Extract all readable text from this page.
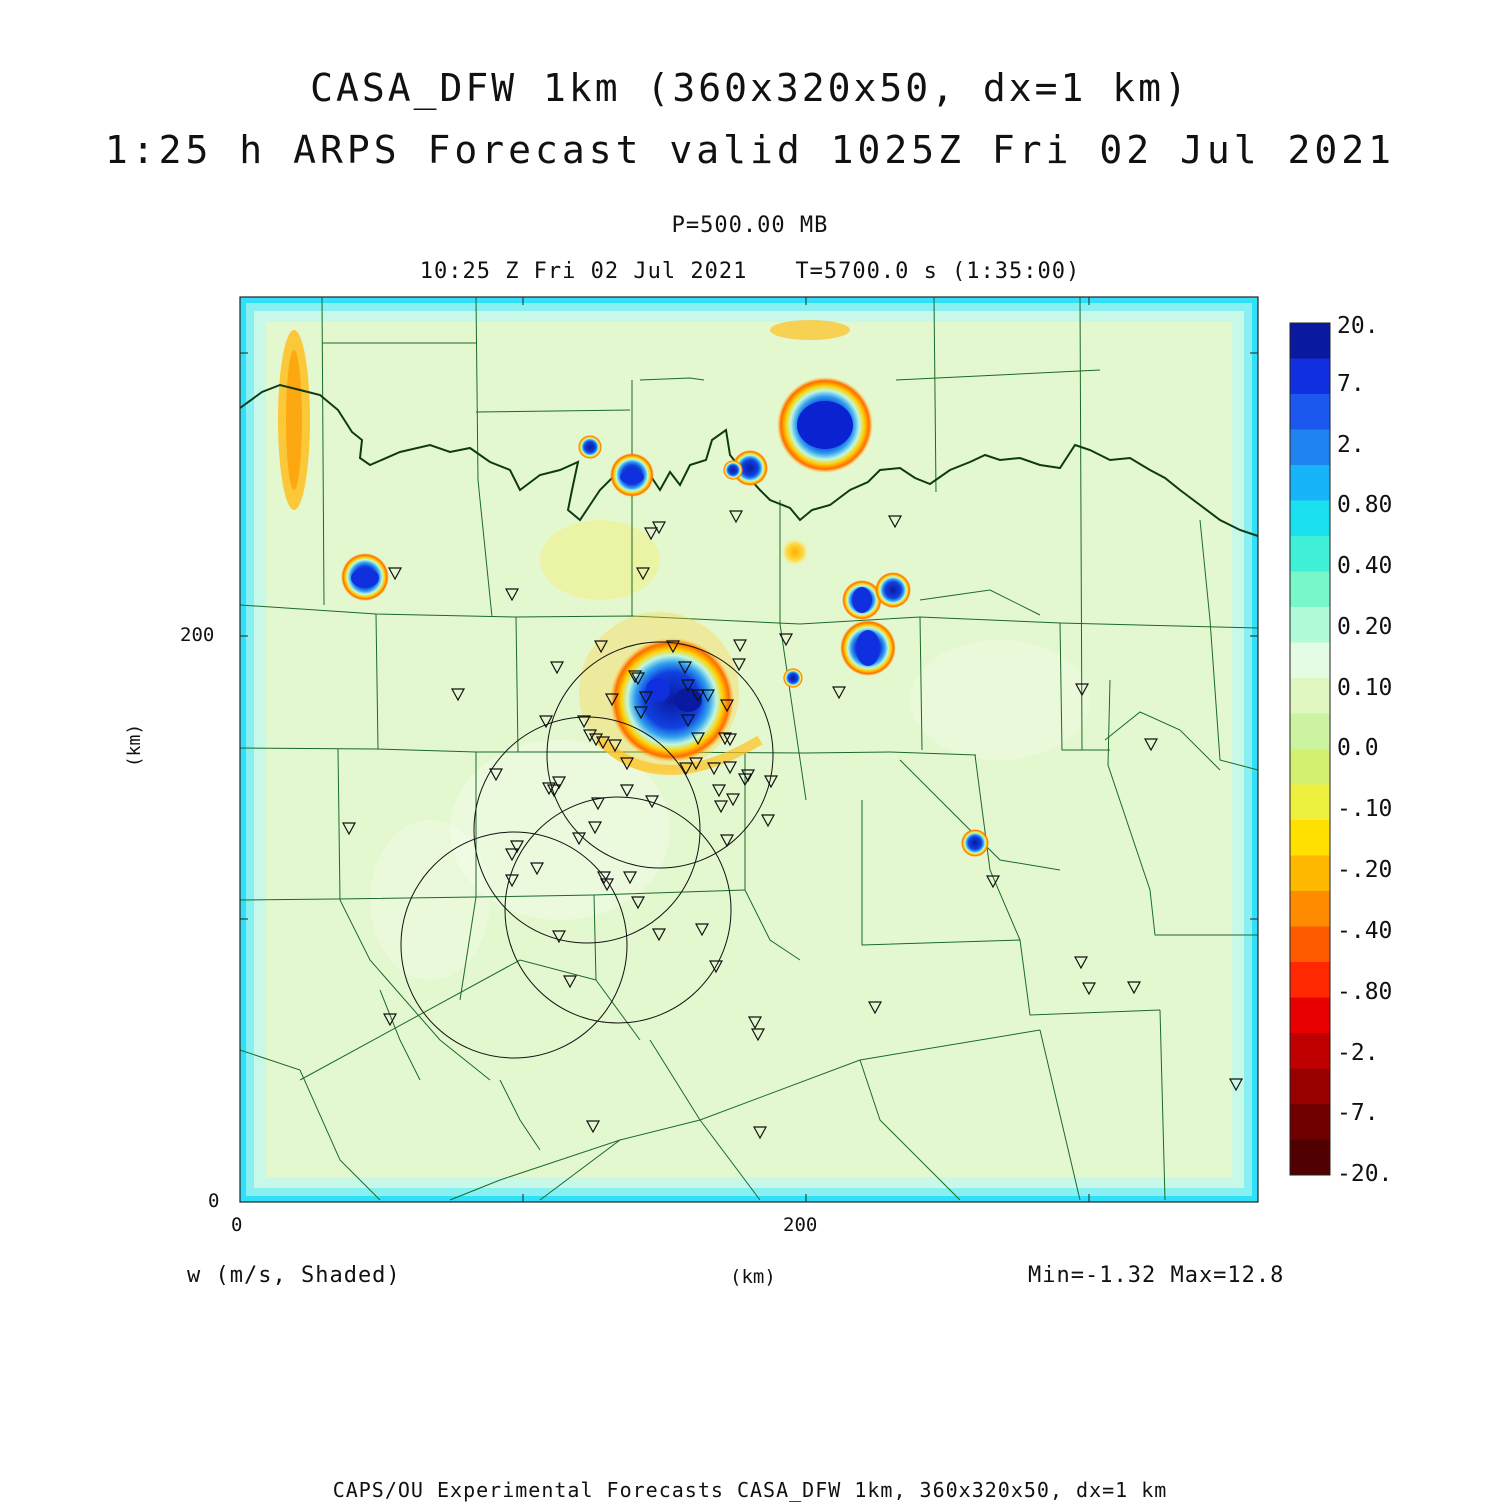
CASA_DFW 1km (360x320x50, dx=1 km)
1:25 h ARPS Forecast valid 1025Z Fri 02 Jul 2021
P=500.00 MB
10:25 Z Fri 02 Jul 2021 T=5700.0 s (1:35:00)
200
0
0	200
(km)
w (m/s, Shaded)	(km)	Min=-1.32 Max=12.8
CAPS/OU Experimental Forecasts CASA_DFW 1km, 360x320x50, dx=1 km
20.
7.
2.
0.80
0.40
0.20
0.10
0.0
-.10
-.20
-.40
-.80
-2.
-7.
-20.
